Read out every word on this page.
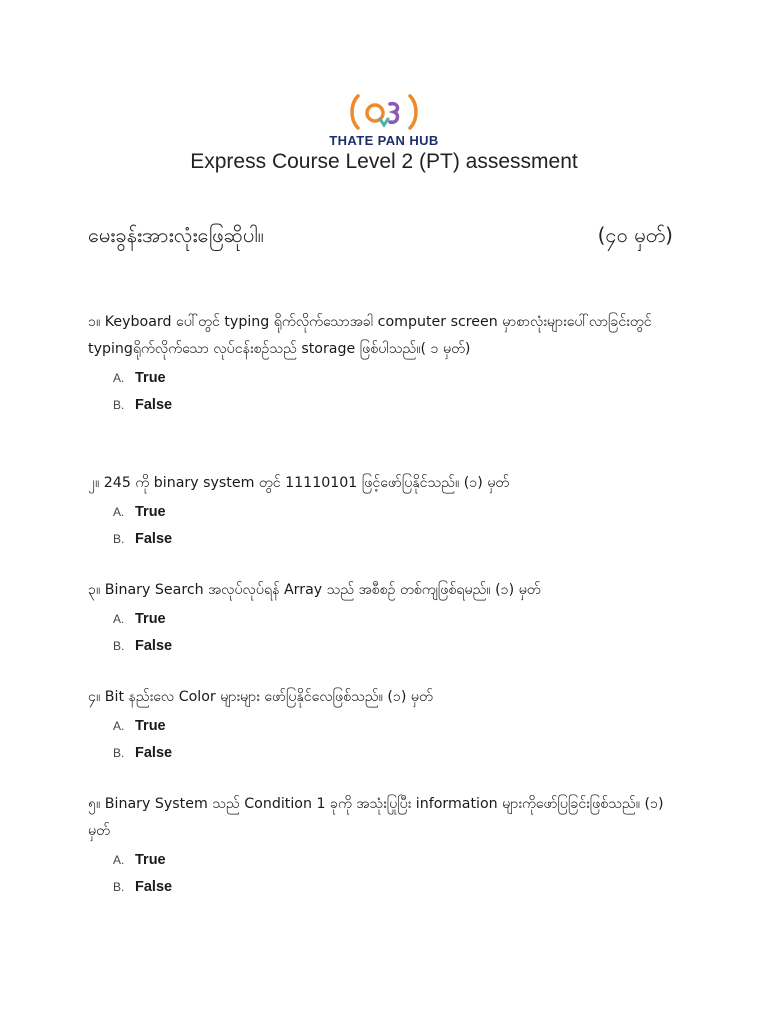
THATE PAN HUB
Express Course Level 2 (PT) assessment
မေးခွန်းအားလုံးဖြေဆိုပါ။	(၄၀ မှတ်)
၁။ Keyboard ပေါ်တွင် typing ရိုက်လိုက်သောအခါ computer screen မှာစာလုံးများပေါ်လာခြင်းတွင် typingရိုက်လိုက်သော လုပ်ငန်းစဉ်သည် storage ဖြစ်ပါသည်။( ၁ မှတ်)
A. True
B. False
၂။ 245 ကို binary system တွင် 11110101 ဖြင့်ဖော်ပြနိုင်သည်။ (၁) မှတ်
A. True
B. False
၃။ Binary Search အလုပ်လုပ်ရန် Array သည် အစီစဉ် တစ်ကျဖြစ်ရမည်။ (၁) မှတ်
A. True
B. False
၄။ Bit နည်းလေ Color များများ ဖော်ပြနိုင်လေဖြစ်သည်။ (၁) မှတ်
A. True
B. False
၅။ Binary System သည် Condition 1 ခုကို အသုံးပြုပြီး information များကိုဖော်ပြခြင်းဖြစ်သည်။ (၁) မှတ်
A. True
B. False
